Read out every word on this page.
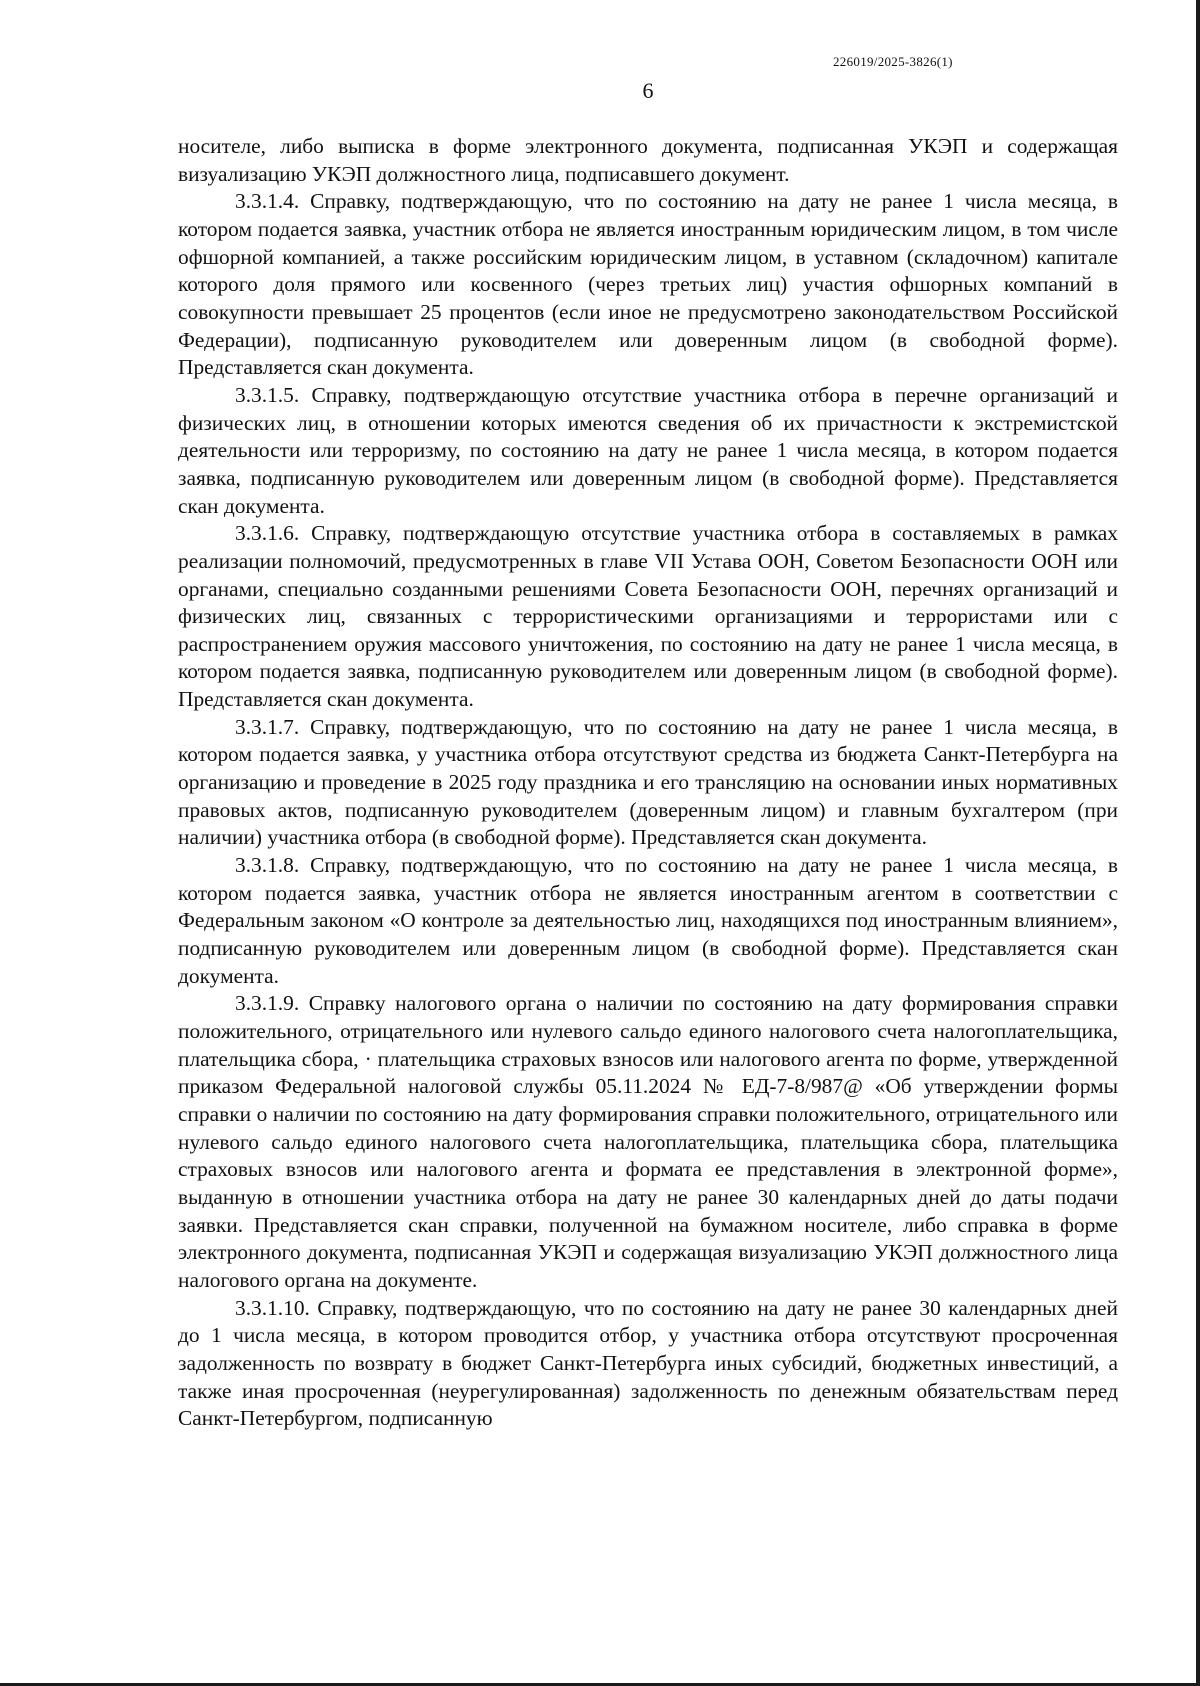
226019/2025-3826(1)
6

носителе, либо выписка в форме электронного документа, подписанная УКЭП и содержащая визуализацию УКЭП должностного лица, подписавшего документ.

3.3.1.4. Справку, подтверждающую, что по состоянию на дату не ранее 1 числа месяца, в котором подается заявка, участник отбора не является иностранным юридическим лицом, в том числе офшорной компанией, а также российским юридическим лицом, в уставном (складочном) капитале которого доля прямого или косвенного (через третьих лиц) участия офшорных компаний в совокупности превышает 25 процентов (если иное не предусмотрено законодательством Российской Федерации), подписанную руководителем или доверенным лицом (в свободной форме). Представляется скан документа.

3.3.1.5. Справку, подтверждающую отсутствие участника отбора в перечне организаций и физических лиц, в отношении которых имеются сведения об их причастности к экстремистской деятельности или терроризму, по состоянию на дату не ранее 1 числа месяца, в котором подается заявка, подписанную руководителем или доверенным лицом (в свободной форме). Представляется скан документа.

3.3.1.6. Справку, подтверждающую отсутствие участника отбора в составляемых в рамках реализации полномочий, предусмотренных в главе VII Устава ООН, Советом Безопасности ООН или органами, специально созданными решениями Совета Безопасности ООН, перечнях организаций и физических лиц, связанных с террористическими организациями и террористами или с распространением оружия массового уничтожения, по состоянию на дату не ранее 1 числа месяца, в котором подается заявка, подписанную руководителем или доверенным лицом (в свободной форме). Представляется скан документа.

3.3.1.7. Справку, подтверждающую, что по состоянию на дату не ранее 1 числа месяца, в котором подается заявка, у участника отбора отсутствуют средства из бюджета Санкт-Петербурга на организацию и проведение в 2025 году праздника и его трансляцию на основании иных нормативных правовых актов, подписанную руководителем (доверенным лицом) и главным бухгалтером (при наличии) участника отбора (в свободной форме). Представляется скан документа.

3.3.1.8. Справку, подтверждающую, что по состоянию на дату не ранее 1 числа месяца, в котором подается заявка, участник отбора не является иностранным агентом в соответствии с Федеральным законом «О контроле за деятельностью лиц, находящихся под иностранным влиянием», подписанную руководителем или доверенным лицом (в свободной форме). Представляется скан документа.

3.3.1.9. Справку налогового органа о наличии по состоянию на дату формирования справки положительного, отрицательного или нулевого сальдо единого налогового счета налогоплательщика, плательщика сбора, · плательщика страховых взносов или налогового агента по форме, утвержденной приказом Федеральной налоговой службы 05.11.2024 № ЕД-7-8/987@ «Об утверждении формы справки о наличии по состоянию на дату формирования справки положительного, отрицательного или нулевого сальдо единого налогового счета налогоплательщика, плательщика сбора, плательщика страховых взносов или налогового агента и формата ее представления в электронной форме», выданную в отношении участника отбора на дату не ранее 30 календарных дней до даты подачи заявки. Представляется скан справки, полученной на бумажном носителе, либо справка в форме электронного документа, подписанная УКЭП и содержащая визуализацию УКЭП должностного лица налогового органа на документе.

3.3.1.10. Справку, подтверждающую, что по состоянию на дату не ранее 30 календарных дней до 1 числа месяца, в котором проводится отбор, у участника отбора отсутствуют просроченная задолженность по возврату в бюджет Санкт-Петербурга иных субсидий, бюджетных инвестиций, а также иная просроченная (неурегулированная) задолженность по денежным обязательствам перед Санкт-Петербургом, подписанную
